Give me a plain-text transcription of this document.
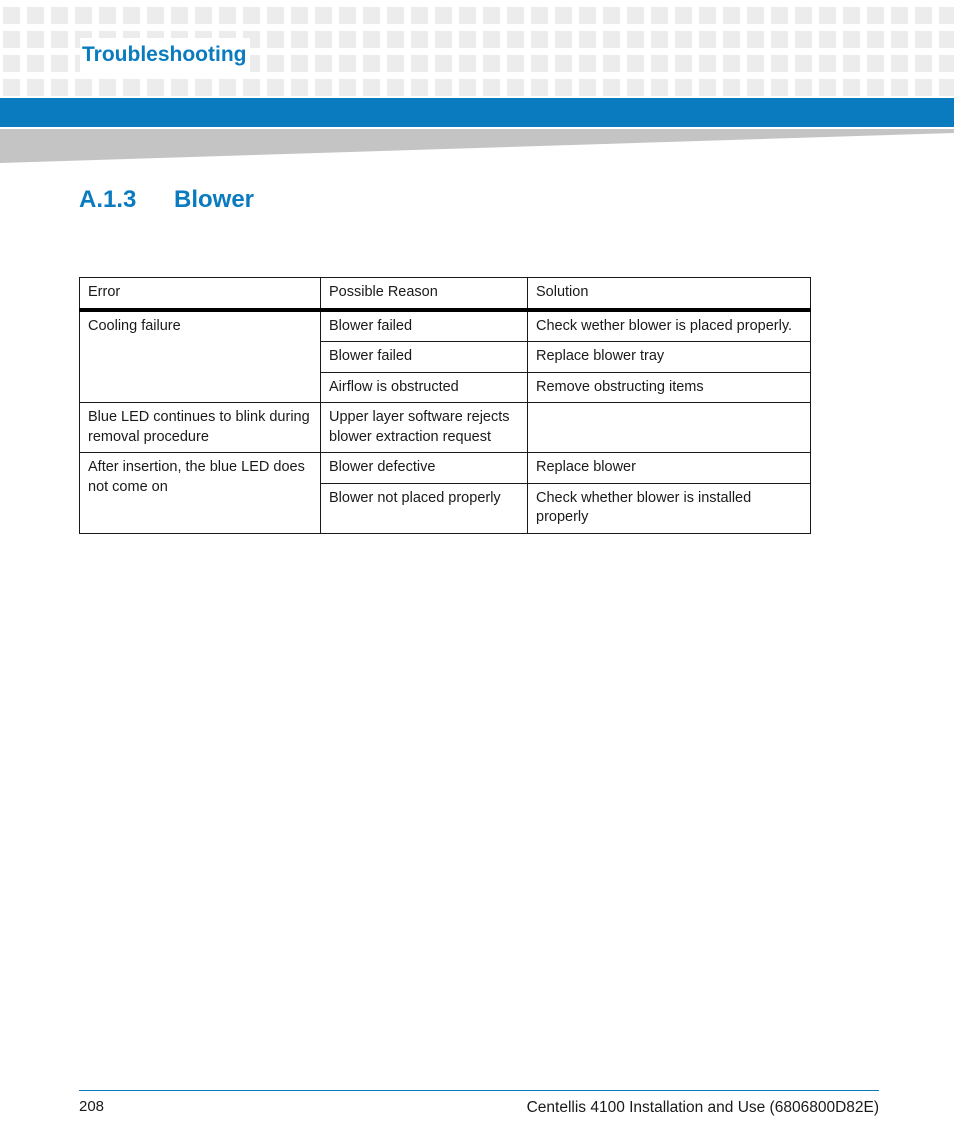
Troubleshooting
A.1.3 Blower
Error	Possible Reason	Solution
Cooling failure	Blower failed	Check wether blower is placed properly.
	Blower failed	Replace blower tray
	Airflow is obstructed	Remove obstructing items
Blue LED continues to blink during removal procedure	Upper layer software rejects blower extraction request	
After insertion, the blue LED does not come on	Blower defective	Replace blower
	Blower not placed properly	Check whether blower is installed properly
208	Centellis 4100 Installation and Use (6806800D82E)
